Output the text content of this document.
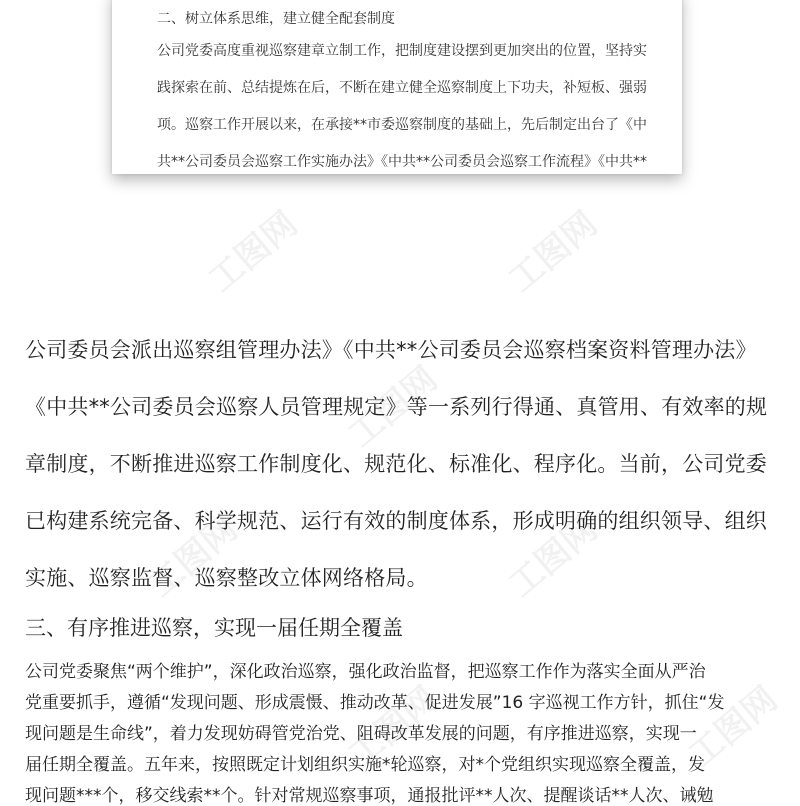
二、树立体系思维，建立健全配套制度
公司党委高度重视巡察建章立制工作，把制度建设摆到更加突出的位置，坚持实
践探索在前、总结提炼在后，不断在建立健全巡察制度上下功夫，补短板、强弱
项。巡察工作开展以来，在承接**市委巡察制度的基础上，先后制定出台了《中
共**公司委员会巡察工作实施办法》《中共**公司委员会巡察工作流程》《中共**
工图网	工图网
工图网
工图网	工图网
工图网	工图网
公司委员会派出巡察组管理办法》《中共**公司委员会巡察档案资料管理办法》
《中共**公司委员会巡察人员管理规定》等一系列行得通、真管用、有效率的规
章制度，不断推进巡察工作制度化、规范化、标准化、程序化。当前，公司党委
已构建系统完备、科学规范、运行有效的制度体系，形成明确的组织领导、组织
实施、巡察监督、巡察整改立体网络格局。
三、有序推进巡察，实现一届任期全覆盖
公司党委聚焦“两个维护”，深化政治巡察，强化政治监督，把巡察工作作为落实全面从严治
党重要抓手，遵循“发现问题、形成震慑、推动改革、促进发展”16 字巡视工作方针，抓住“发
现问题是生命线”，着力发现妨碍管党治党、阻碍改革发展的问题，有序推进巡察，实现一
届任期全覆盖。五年来，按照既定计划组织实施*轮巡察，对*个党组织实现巡察全覆盖，发
现问题***个，移交线索**个。针对常规巡察事项，通报批评**人次、提醒谈话**人次、诫勉
